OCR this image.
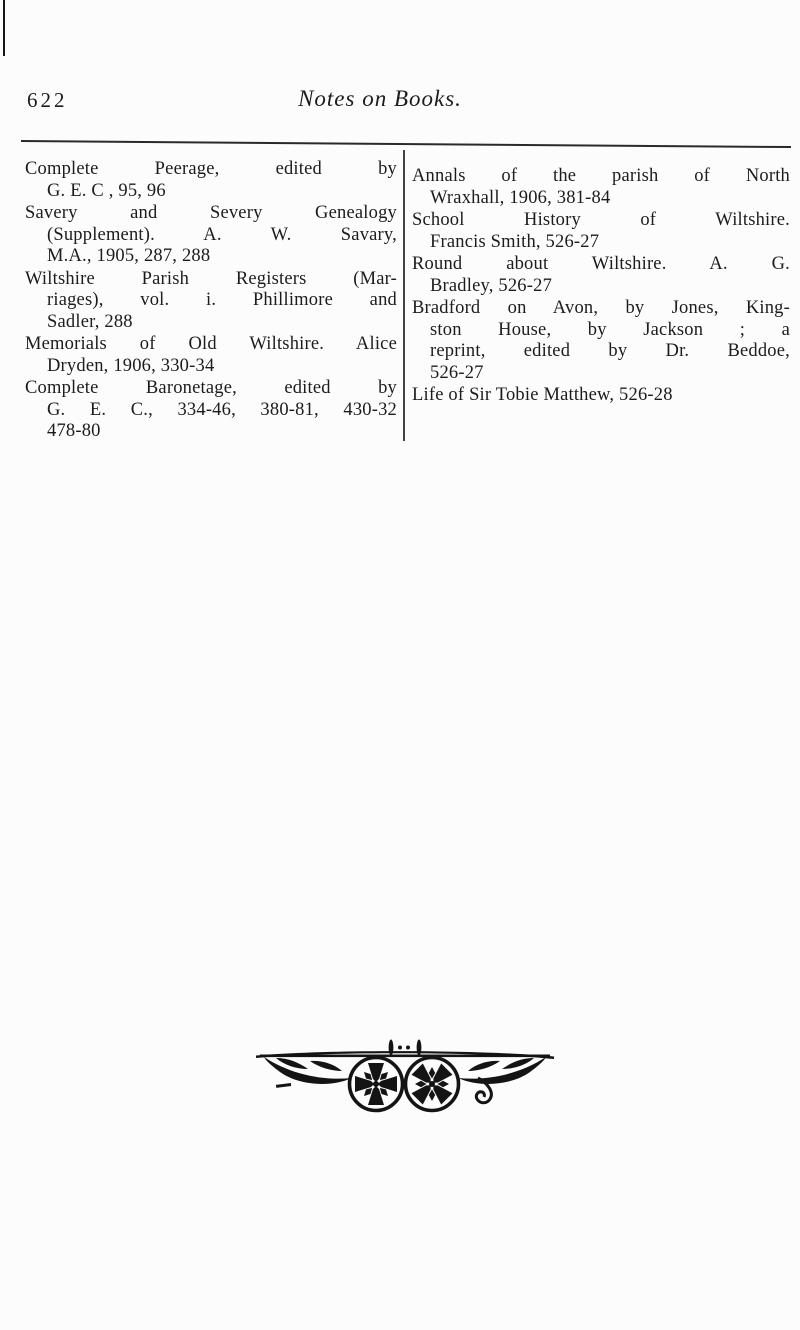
622	Notes on Books.
Complete Peerage, edited by
G. E. C , 95, 96
Savery and Severy Genealogy
(Supplement). A. W. Savary,
M.A., 1905, 287, 288
Wiltshire Parish Registers (Mar-
riages), vol. i. Phillimore and
Sadler, 288
Memorials of Old Wiltshire. Alice
Dryden, 1906, 330-34
Complete Baronetage, edited by
G. E. C., 334-46, 380-81, 430-32
478-80
Annals of the parish of North
Wraxhall, 1906, 381-84
School History of Wiltshire.
Francis Smith, 526-27
Round about Wiltshire. A. G.
Bradley, 526-27
Bradford on Avon, by Jones, King-
ston House, by Jackson ; a
reprint, edited by Dr. Beddoe,
526-27
Life of Sir Tobie Matthew, 526-28
